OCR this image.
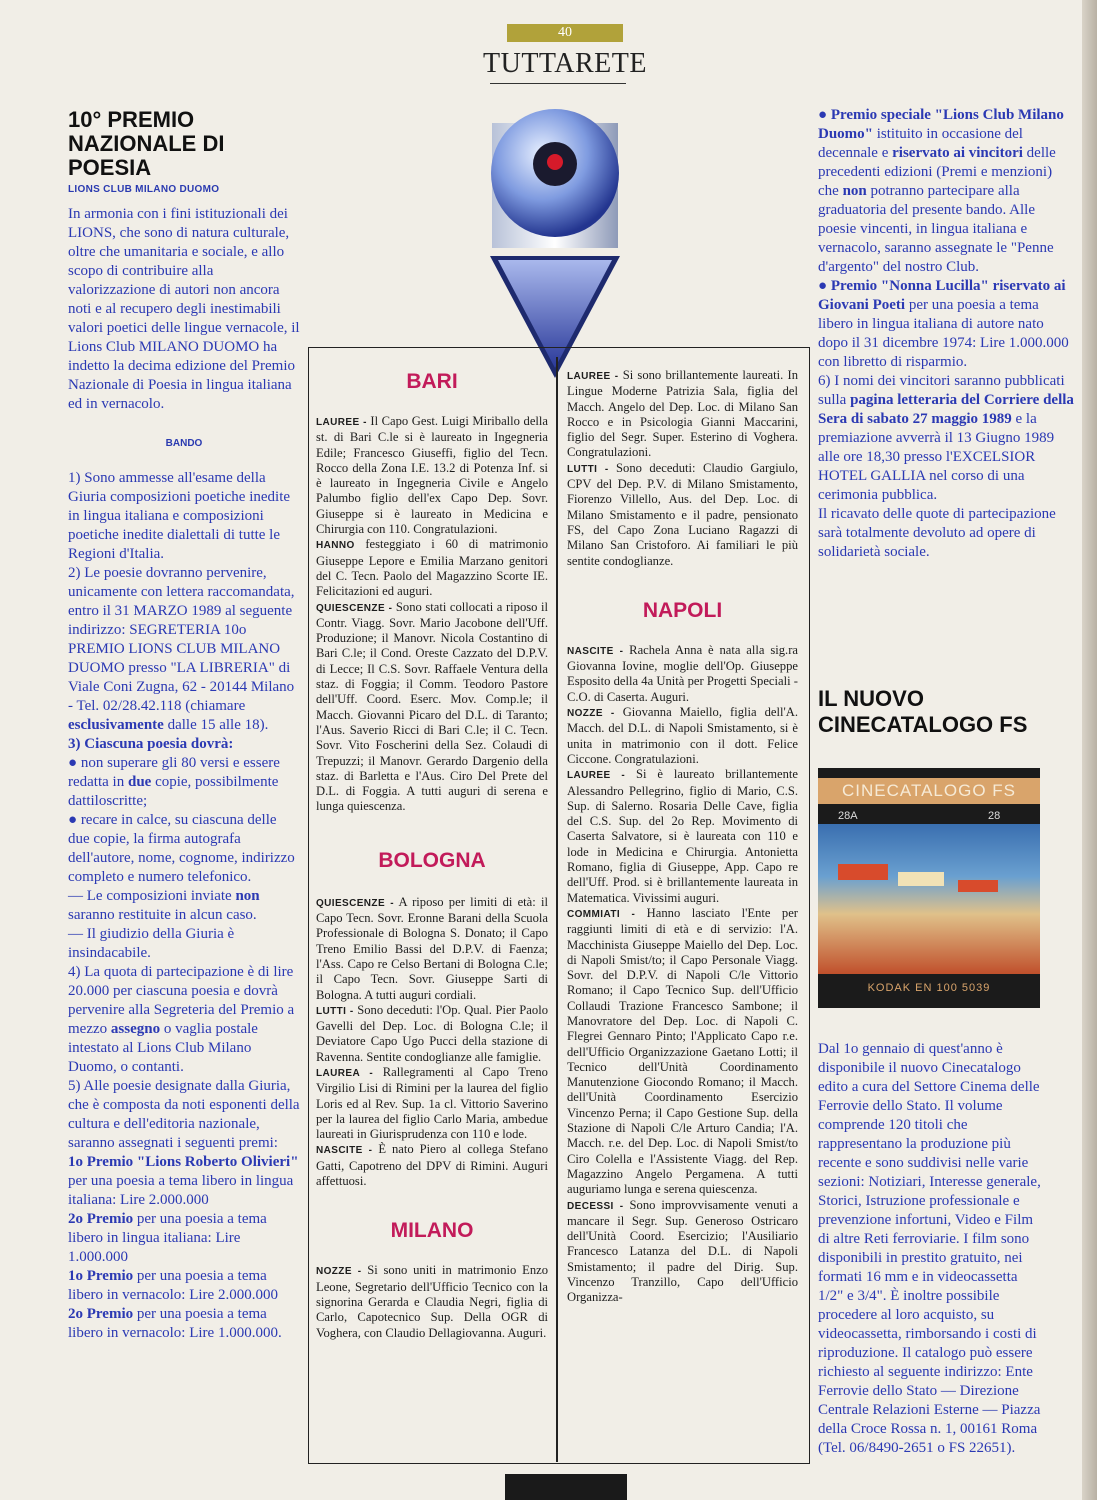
40
TUTTARETE
10° PREMIO NAZIONALE DI POESIA
LIONS CLUB MILANO DUOMO

In armonia con i fini istituzionali dei LIONS, che sono di natura culturale, oltre che umanitaria e sociale, e allo scopo di contribuire alla valorizzazione di autori non ancora noti e al recupero degli inestimabili valori poetici delle lingue vernacole, il Lions Club MILANO DUOMO ha indetto la decima edizione del Premio Nazionale di Poesia in lingua italiana ed in vernacolo.

BANDO

1) Sono ammesse all'esame della Giuria composizioni poetiche inedite in lingua italiana e composizioni poetiche inedite dialettali di tutte le Regioni d'Italia.

2) Le poesie dovranno pervenire, unicamente con lettera raccomandata, entro il 31 MARZO 1989 al seguente indirizzo: SEGRETERIA 10o PREMIO LIONS CLUB MILANO DUOMO presso "LA LIBRERIA" di Viale Coni Zugna, 62 - 20144 Milano - Tel. 02/28.42.118 (chiamare esclusivamente dalle 15 alle 18).

3) Ciascuna poesia dovrà:

● non superare gli 80 versi e essere redatta in due copie, possibilmente dattiloscritte;

● recare in calce, su ciascuna delle due copie, la firma autografa dell'autore, nome, cognome, indirizzo completo e numero telefonico.

— Le composizioni inviate non saranno restituite in alcun caso.

— Il giudizio della Giuria è insindacabile.

4) La quota di partecipazione è di lire 20.000 per ciascuna poesia e dovrà pervenire alla Segreteria del Premio a mezzo assegno o vaglia postale intestato al Lions Club Milano Duomo, o contanti.

5) Alle poesie designate dalla Giuria, che è composta da noti esponenti della cultura e dell'editoria nazionale, saranno assegnati i seguenti premi:

1o Premio "Lions Roberto Olivieri" per una poesia a tema libero in lingua italiana: Lire 2.000.000

2o Premio per una poesia a tema libero in lingua italiana: Lire 1.000.000

1o Premio per una poesia a tema libero in vernacolo: Lire 2.000.000

2o Premio per una poesia a tema libero in vernacolo: Lire 1.000.000.

BARI

LAUREE - Il Capo Gest. Luigi Miriballo della st. di Bari C.le si è laureato in Ingegneria Edile; Francesco Giuseffi, figlio del Tecn. Rocco della Zona I.E. 13.2 di Potenza Inf. si è laureato in Ingegneria Civile e Angelo Palumbo figlio dell'ex Capo Dep. Sovr. Giuseppe si è laureato in Medicina e Chirurgia con 110. Congratulazioni.

HANNO festeggiato i 60 di matrimonio Giuseppe Lepore e Emilia Marzano genitori del C. Tecn. Paolo del Magazzino Scorte IE. Felicitazioni ed auguri.

QUIESCENZE - Sono stati collocati a riposo il Contr. Viagg. Sovr. Mario Jacobone dell'Uff. Produzione; il Manovr. Nicola Costantino di Bari C.le; il Cond. Oreste Cazzato del D.P.V. di Lecce; Il C.S. Sovr. Raffaele Ventura della staz. di Foggia; il Comm. Teodoro Pastore dell'Uff. Coord. Eserc. Mov. Comp.le; il Macch. Giovanni Picaro del D.L. di Taranto; l'Aus. Saverio Ricci di Bari C.le; il C. Tecn. Sovr. Vito Foscherini della Sez. Colaudi di Trepuzzi; il Manovr. Gerardo Dargenio della staz. di Barletta e l'Aus. Ciro Del Prete del D.L. di Foggia. A tutti auguri di serena e lunga quiescenza.

BOLOGNA

QUIESCENZE - A riposo per limiti di età: il Capo Tecn. Sovr. Eronne Barani della Scuola Professionale di Bologna S. Donato; il Capo Treno Emilio Bassi del D.P.V. di Faenza; l'Ass. Capo re Celso Bertani di Bologna C.le; il Capo Tecn. Sovr. Giuseppe Sarti di Bologna. A tutti auguri cordiali.

LUTTI - Sono deceduti: l'Op. Qual. Pier Paolo Gavelli del Dep. Loc. di Bologna C.le; il Deviatore Capo Ugo Pucci della stazione di Ravenna. Sentite condoglianze alle famiglie.

LAUREA - Rallegramenti al Capo Treno Virgilio Lisi di Rimini per la laurea del figlio Loris ed al Rev. Sup. 1a cl. Vittorio Saverino per la laurea del figlio Carlo Maria, ambedue laureati in Giurisprudenza con 110 e lode.

NASCITE - È nato Piero al collega Stefano Gatti, Capotreno del DPV di Rimini. Auguri affettuosi.

MILANO

NOZZE - Si sono uniti in matrimonio Enzo Leone, Segretario dell'Ufficio Tecnico con la signorina Gerarda e Claudia Negri, figlia di Carlo, Capotecnico Sup. Della OGR di Voghera, con Claudio Dellagiovanna. Auguri.

LAUREE - Si sono brillantemente laureati. In Lingue Moderne Patrizia Sala, figlia del Macch. Angelo del Dep. Loc. di Milano San Rocco e in Psicologia Gianni Maccarini, figlio del Segr. Super. Esterino di Voghera. Congratulazioni.

LUTTI - Sono deceduti: Claudio Gargiulo, CPV del Dep. P.V. di Milano Smistamento, Fiorenzo Villello, Aus. del Dep. Loc. di Milano Smistamento e il padre, pensionato FS, del Capo Zona Luciano Ragazzi di Milano San Cristoforo. Ai familiari le più sentite condoglianze.

NAPOLI

NASCITE - Rachela Anna è nata alla sig.ra Giovanna Iovine, moglie dell'Op. Giuseppe Esposito della 4a Unità per Progetti Speciali - C.O. di Caserta. Auguri.

NOZZE - Giovanna Maiello, figlia dell'A. Macch. del D.L. di Napoli Smistamento, si è unita in matrimonio con il dott. Felice Ciccone. Congratulazioni.

LAUREE - Si è laureato brillantemente Alessandro Pellegrino, figlio di Mario, C.S. Sup. di Salerno. Rosaria Delle Cave, figlia del C.S. Sup. del 2o Rep. Movimento di Caserta Salvatore, si è laureata con 110 e lode in Medicina e Chirurgia. Antonietta Romano, figlia di Giuseppe, App. Capo re dell'Uff. Prod. si è brillantemente laureata in Matematica. Vivissimi auguri.

COMMIATI - Hanno lasciato l'Ente per raggiunti limiti di età e di servizio: l'A. Macchinista Giuseppe Maiello del Dep. Loc. di Napoli Smist/to; il Capo Personale Viagg. Sovr. del D.P.V. di Napoli C/le Vittorio Romano; il Capo Tecnico Sup. dell'Ufficio Collaudi Trazione Francesco Sambone; il Manovratore del Dep. Loc. di Napoli C. Flegrei Gennaro Pinto; l'Applicato Capo r.e. dell'Ufficio Organizzazione Gaetano Lotti; il Tecnico dell'Unità Coordinamento Manutenzione Giocondo Romano; il Macch. dell'Unità Coordinamento Esercizio Vincenzo Perna; il Capo Gestione Sup. della Stazione di Napoli C/le Arturo Candia; l'A. Macch. r.e. del Dep. Loc. di Napoli Smist/to Ciro Colella e l'Assistente Viagg. del Rep. Magazzino Angelo Pergamena. A tutti auguriamo lunga e serena quiescenza.

DECESSI - Sono improvvisamente venuti a mancare il Segr. Sup. Generoso Ostricaro dell'Unità Coord. Esercizio; l'Ausiliario Francesco Latanza del D.L. di Napoli Smistamento; il padre del Dirig. Sup. Vincenzo Tranzillo, Capo dell'Ufficio Organizza-

● Premio speciale "Lions Club Milano Duomo" istituito in occasione del decennale e riservato ai vincitori delle precedenti edizioni (Premi e menzioni) che non potranno partecipare alla graduatoria del presente bando. Alle poesie vincenti, in lingua italiana e vernacolo, saranno assegnate le "Penne d'argento" del nostro Club.

● Premio "Nonna Lucilla" riservato ai Giovani Poeti per una poesia a tema libero in lingua italiana di autore nato dopo il 31 dicembre 1974: Lire 1.000.000 con libretto di risparmio.

6) I nomi dei vincitori saranno pubblicati sulla pagina letteraria del Corriere della Sera di sabato 27 maggio 1989 e la premiazione avverrà il 13 Giugno 1989 alle ore 18,30 presso l'EXCELSIOR HOTEL GALLIA nel corso di una cerimonia pubblica.

Il ricavato delle quote di partecipazione sarà totalmente devoluto ad opere di solidarietà sociale.

IL NUOVO CINECATALOGO FS
CINECATALOGO FS
28A	28
KODAK EN 100 5039

Dal 1o gennaio di quest'anno è disponibile il nuovo Cinecatalogo edito a cura del Settore Cinema delle Ferrovie dello Stato. Il volume comprende 120 titoli che rappresentano la produzione più recente e sono suddivisi nelle varie sezioni: Notiziari, Interesse generale, Storici, Istruzione professionale e prevenzione infortuni, Video e Film di altre Reti ferroviarie. I film sono disponibili in prestito gratuito, nei formati 16 mm e in videocassetta 1/2" e 3/4". È inoltre possibile procedere al loro acquisto, su videocassetta, rimborsando i costi di riproduzione. Il catalogo può essere richiesto al seguente indirizzo: Ente Ferrovie dello Stato — Direzione Centrale Relazioni Esterne — Piazza della Croce Rossa n. 1, 00161 Roma (Tel. 06/8490-2651 o FS 22651).
